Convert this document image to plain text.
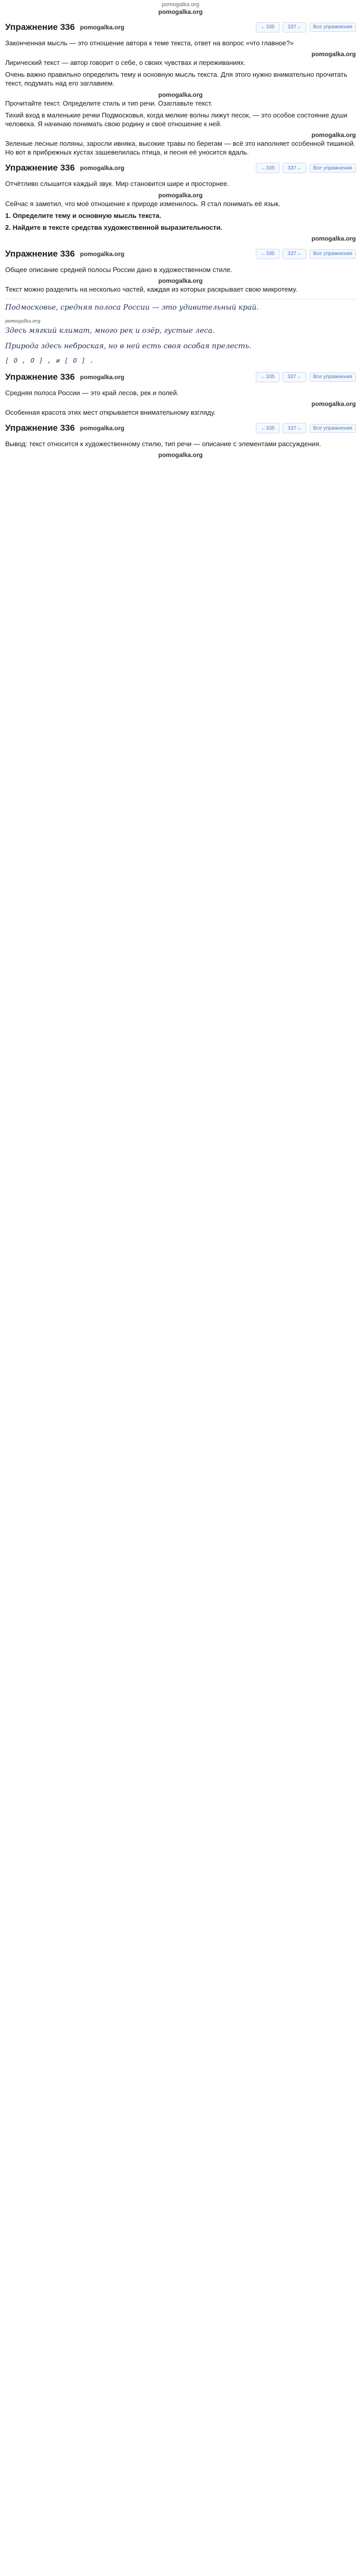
pomogalka.org
pomogalka.org
Упражнение 336 pomogalka.org	← 335	337 →	Все упражнения

Законченная мысль — это отношение автора к теме текста, ответ на вопрос «что главное?»

pomogalka.org

Лирический текст — автор говорит о себе, о своих чувствах и переживаниях.

Очень важно правильно определить тему и основную мысль текста. Для этого нужно внимательно прочитать текст, подумать над его заглавием.

pomogalka.org

Прочитайте текст. Определите стиль и тип речи. Озаглавьте текст.

Тихий вход в маленькие речки Подмосковья, когда мелкие волны лижут песок, — это особое состояние души человека. Я начинаю понимать свою родину и своё отношение к ней.

pomogalka.org

Зеленые лесные поляны, заросли ивняка, высокие травы по берегам — всё это наполняет особенной тишиной. Но вот в прибрежных кустах зашевелилась птица, и песня её уносится вдаль.

Упражнение 336 pomogalka.org	← 335	337 →	Все упражнения

Отчётливо слышится каждый звук. Мир становится шире и просторнее.

pomogalka.org

Сейчас я заметил, что моё отношение к природе изменилось. Я стал понимать её язык.

1. Определите тему и основную мысль текста.

2. Найдите в тексте средства художественной выразительности.

pomogalka.org
Упражнение 336 pomogalka.org	← 335	337 →	Все упражнения

Общее описание средней полосы России дано в художественном стиле.

pomogalka.org

Текст можно разделить на несколько частей, каждая из которых раскрывает свою микротему.

Подмосковье, средняя полоса России — это удивительный край.

pomogalka.org

Здесь мягкий климат, много рек и озёр, густые леса.

Природа здесь неброская, но в ней есть своя особая прелесть.

[ О , О ] , и [ О ] .

Упражнение 336 pomogalka.org	← 335	337 →	Все упражнения

Средняя полоса России — это край лесов, рек и полей.

pomogalka.org

Особенная красота этих мест открывается внимательному взгляду.

Упражнение 336 pomogalka.org	← 335	337 →	Все упражнения

Вывод: текст относится к художественному стилю, тип речи — описание с элементами рассуждения.

pomogalka.org
